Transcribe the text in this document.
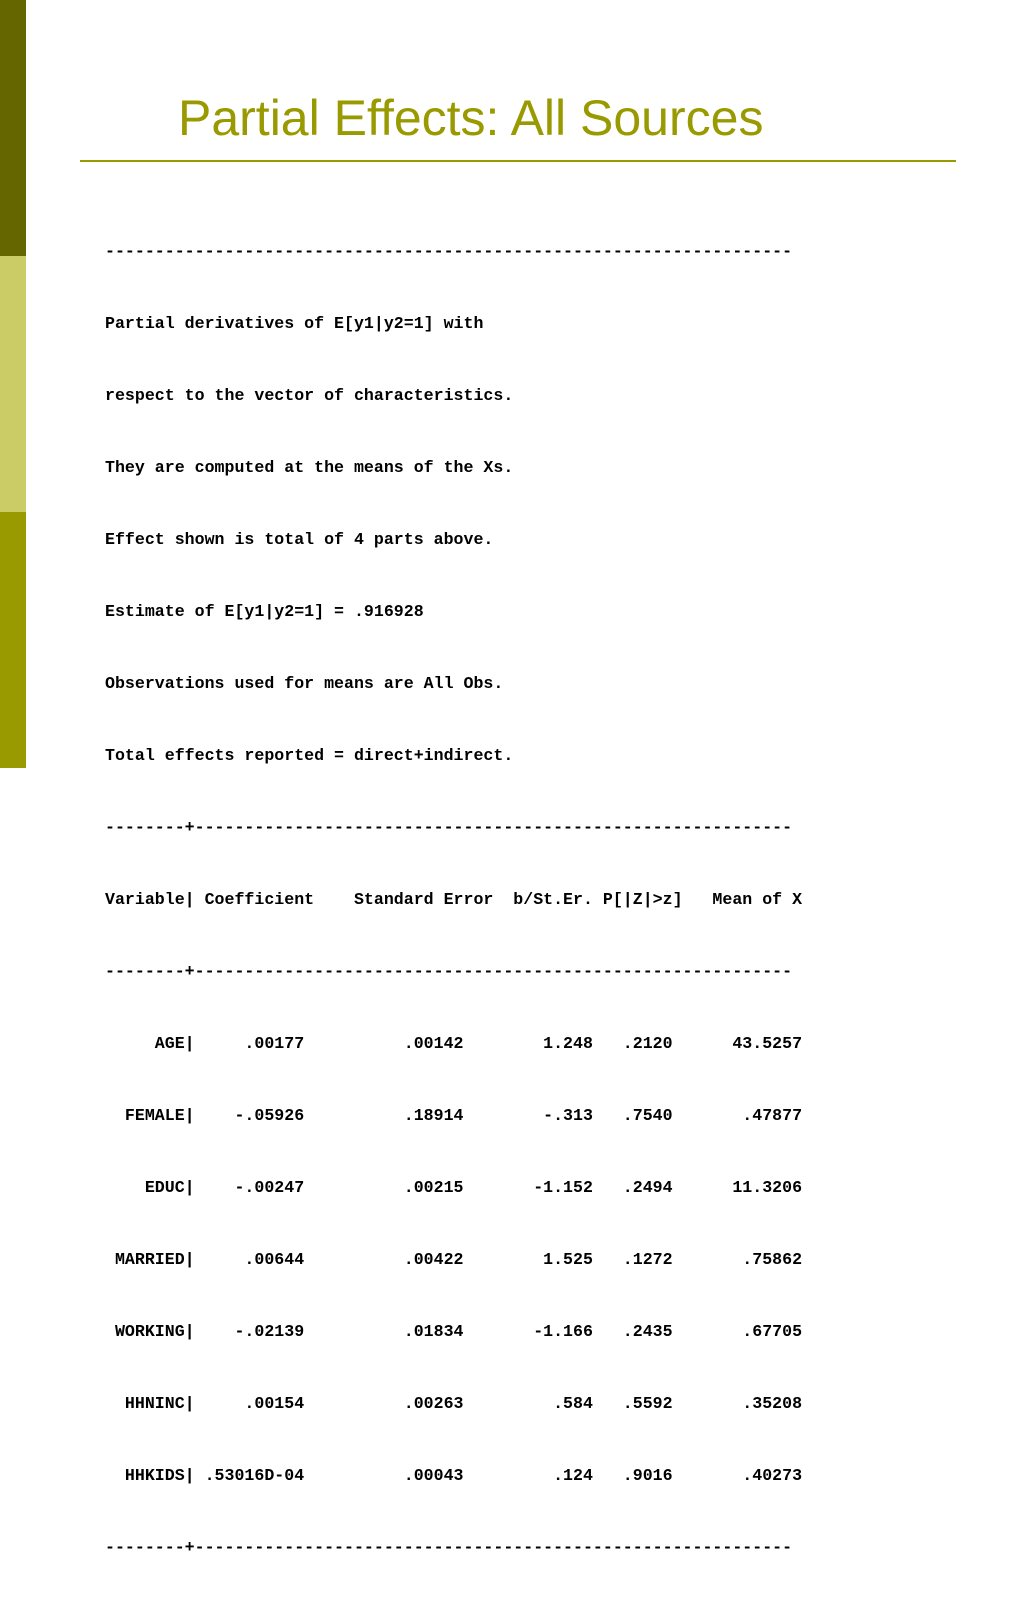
Partial Effects: All Sources

---------------------------------------------------------------------

Partial derivatives of E[y1|y2=1] with

respect to the vector of characteristics.

They are computed at the means of the Xs.

Effect shown is total of 4 parts above.

Estimate of E[y1|y2=1] = .916928

Observations used for means are All Obs.

Total effects reported = direct+indirect.

--------+------------------------------------------------------------

Variable| Coefficient    Standard Error  b/St.Er. P[|Z|>z]   Mean of X

--------+------------------------------------------------------------

AGE|     .00177          .00142        1.248   .2120      43.5257

FEMALE|    -.05926          .18914        -.313   .7540       .47877

EDUC|    -.00247          .00215       -1.152   .2494      11.3206

MARRIED|     .00644          .00422        1.525   .1272       .75862

WORKING|    -.02139          .01834       -1.166   .2435       .67705

HHNINC|     .00154          .00263         .584   .5592       .35208

HHKIDS| .53016D-04          .00043         .124   .9016       .40273

--------+------------------------------------------------------------
